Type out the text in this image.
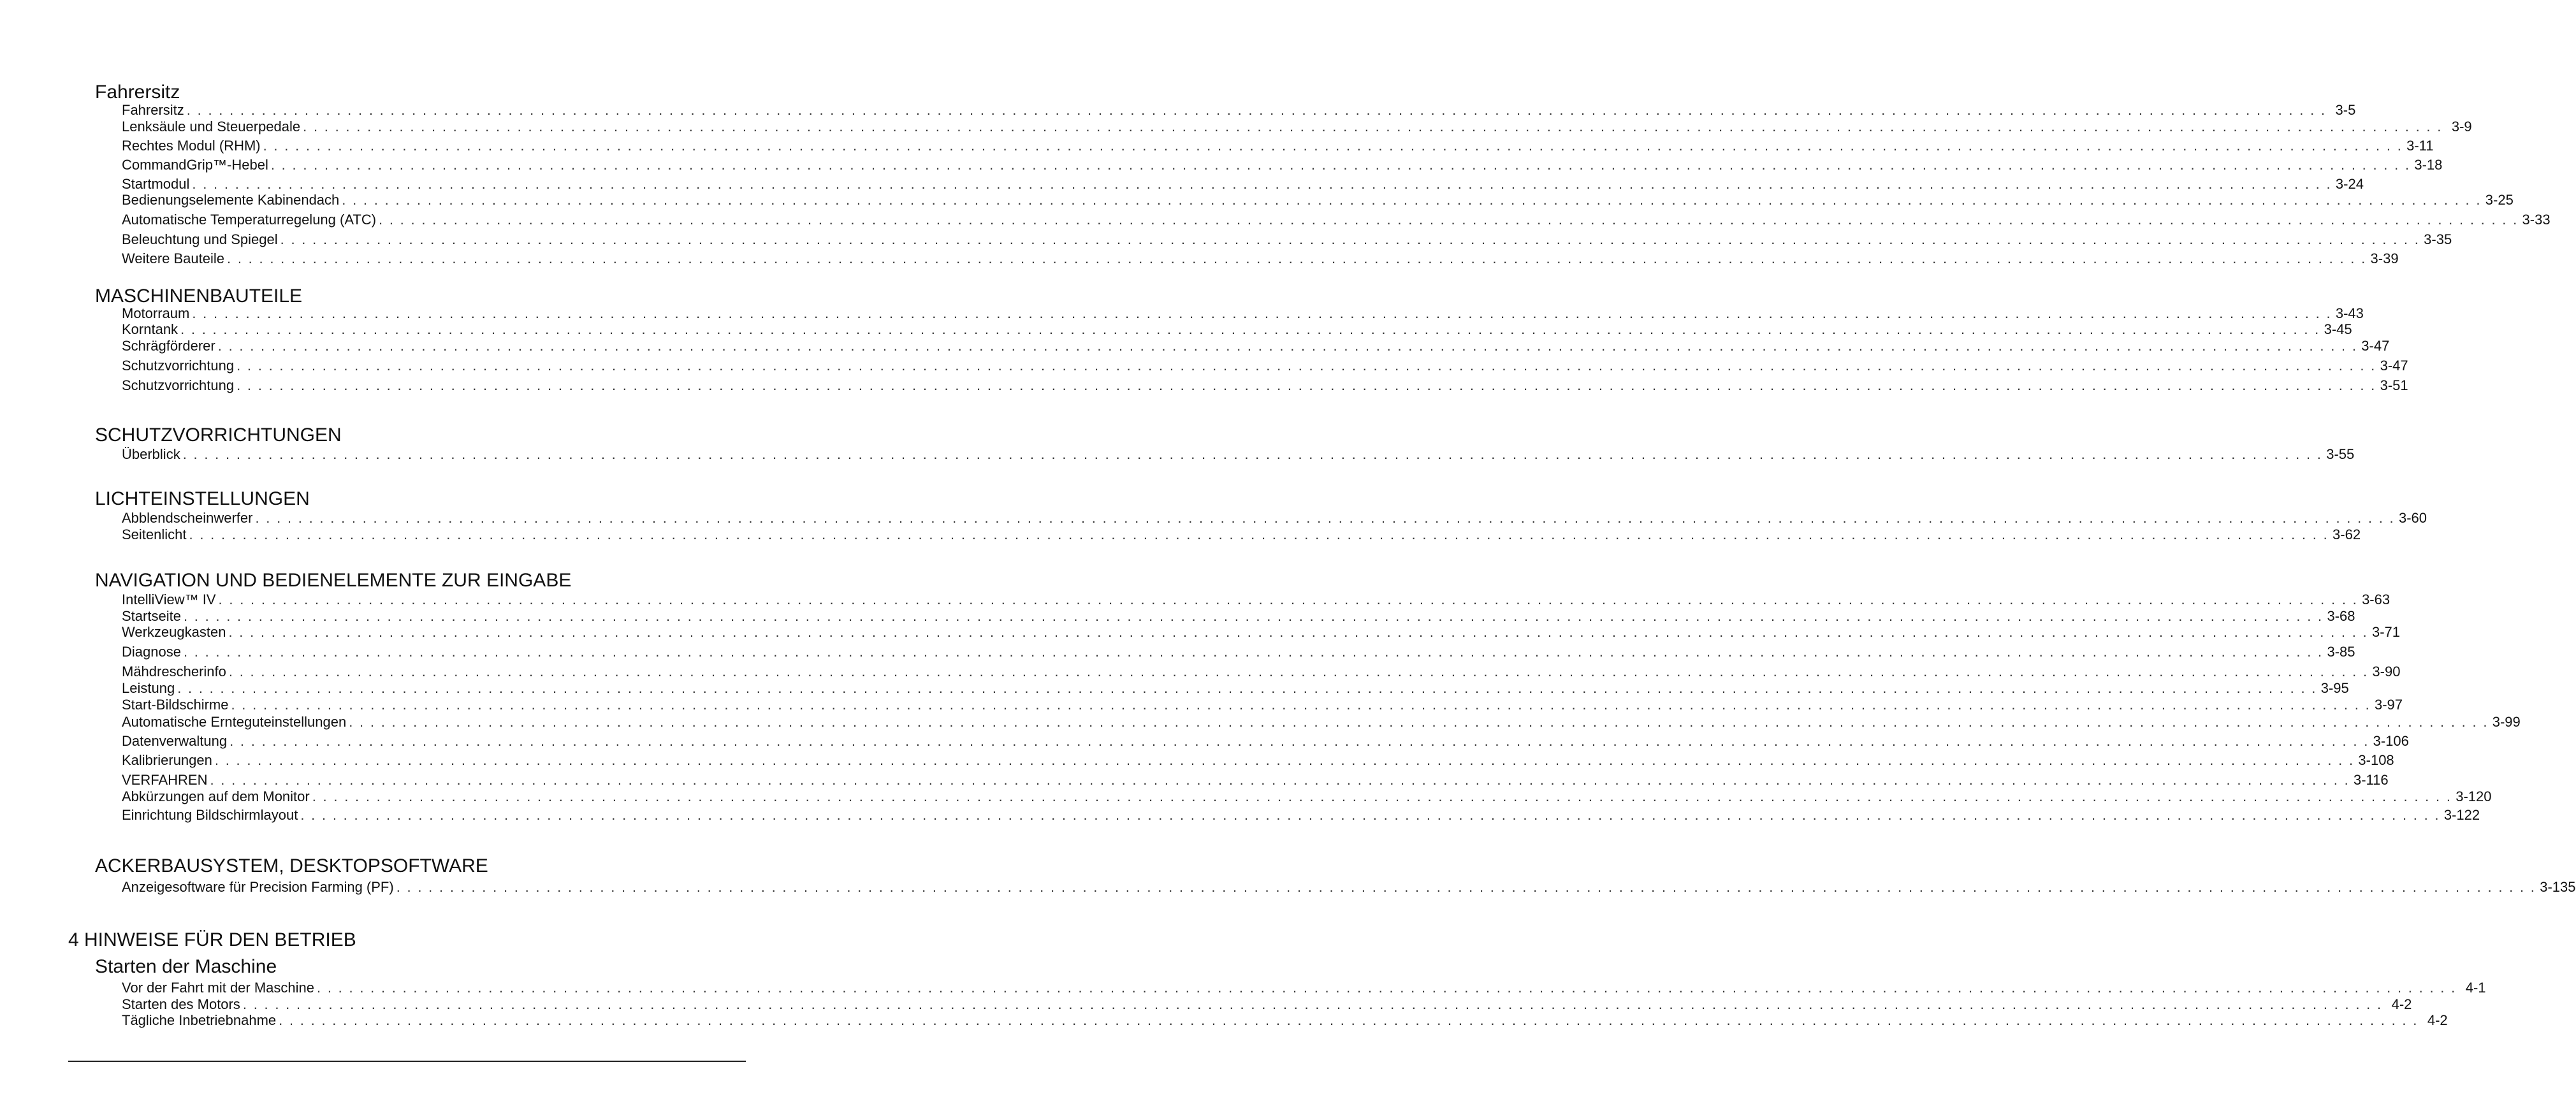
Fahrersitz
Fahrersitz . . . . . . . . . . . . . . . . . . . . . . . . . . . . . . . . . . . . . . . . . . . . . . . . . . . . . . . . . . . . . . . . . . . . . . . . . . . . . . . . . . . . . . . . . . . . . . . . . . . . . . . . . . . . . . . . . . . . . . . . . . . . . . . . . . . . . . . . . . . . . . . . . . . . . . . . . . . . . . . . . . . . . . . . . . . . . . . . . . . . . . . . . . . . . . . . . . . . . . . . 3-5
Lenksäule und Steuerpedale . . . . . . . . . . . . . . . . . . . . . . . . . . . . . . . . . . . . . . . . . . . . . . . . . . . . . . . . . . . . . . . . . . . . . . . . . . . . . . . . . . . . . . . . . . . . . . . . . . . . . . . . . . . . . . . . . . . . . . . . . . . . . . . . . . . . . . . . . . . . . . . . . . . . . . . . . . . . . . . . . . . . . . . . . . . . . . . . . . . . . . . . . . . . . . . . . . . . . . . . 3-9
Rechtes Modul (RHM) . . . . . . . . . . . . . . . . . . . . . . . . . . . . . . . . . . . . . . . . . . . . . . . . . . . . . . . . . . . . . . . . . . . . . . . . . . . . . . . . . . . . . . . . . . . . . . . . . . . . . . . . . . . . . . . . . . . . . . . . . . . . . . . . . . . . . . . . . . . . . . . . . . . . . . . . . . . . . . . . . . . . . . . . . . . . . . . . . . . . . . . . . . . . . . . . . . . . . . . . 3-11
CommandGrip™-Hebel . . . . . . . . . . . . . . . . . . . . . . . . . . . . . . . . . . . . . . . . . . . . . . . . . . . . . . . . . . . . . . . . . . . . . . . . . . . . . . . . . . . . . . . . . . . . . . . . . . . . . . . . . . . . . . . . . . . . . . . . . . . . . . . . . . . . . . . . . . . . . . . . . . . . . . . . . . . . . . . . . . . . . . . . . . . . . . . . . . . . . . . . . . . . . . . . . . . . . . . . 3-18
Startmodul . . . . . . . . . . . . . . . . . . . . . . . . . . . . . . . . . . . . . . . . . . . . . . . . . . . . . . . . . . . . . . . . . . . . . . . . . . . . . . . . . . . . . . . . . . . . . . . . . . . . . . . . . . . . . . . . . . . . . . . . . . . . . . . . . . . . . . . . . . . . . . . . . . . . . . . . . . . . . . . . . . . . . . . . . . . . . . . . . . . . . . . . . . . . . . . . . . . . . . . . 3-24
Bedienungselemente Kabinendach . . . . . . . . . . . . . . . . . . . . . . . . . . . . . . . . . . . . . . . . . . . . . . . . . . . . . . . . . . . . . . . . . . . . . . . . . . . . . . . . . . . . . . . . . . . . . . . . . . . . . . . . . . . . . . . . . . . . . . . . . . . . . . . . . . . . . . . . . . . . . . . . . . . . . . . . . . . . . . . . . . . . . . . . . . . . . . . . . . . . . . . . . . . . . . . . . . . . . . . . 3-25
Automatische Temperaturregelung (ATC) . . . . . . . . . . . . . . . . . . . . . . . . . . . . . . . . . . . . . . . . . . . . . . . . . . . . . . . . . . . . . . . . . . . . . . . . . . . . . . . . . . . . . . . . . . . . . . . . . . . . . . . . . . . . . . . . . . . . . . . . . . . . . . . . . . . . . . . . . . . . . . . . . . . . . . . . . . . . . . . . . . . . . . . . . . . . . . . . . . . . . . . . . . . . . . . . . . . . . . . . 3-33
Beleuchtung und Spiegel . . . . . . . . . . . . . . . . . . . . . . . . . . . . . . . . . . . . . . . . . . . . . . . . . . . . . . . . . . . . . . . . . . . . . . . . . . . . . . . . . . . . . . . . . . . . . . . . . . . . . . . . . . . . . . . . . . . . . . . . . . . . . . . . . . . . . . . . . . . . . . . . . . . . . . . . . . . . . . . . . . . . . . . . . . . . . . . . . . . . . . . . . . . . . . . . . . . . . . . . 3-35
Weitere Bauteile . . . . . . . . . . . . . . . . . . . . . . . . . . . . . . . . . . . . . . . . . . . . . . . . . . . . . . . . . . . . . . . . . . . . . . . . . . . . . . . . . . . . . . . . . . . . . . . . . . . . . . . . . . . . . . . . . . . . . . . . . . . . . . . . . . . . . . . . . . . . . . . . . . . . . . . . . . . . . . . . . . . . . . . . . . . . . . . . . . . . . . . . . . . . . . . . . . . . . . . . 3-39
MASCHINENBAUTEILE
Motorraum . . . . . . . . . . . . . . . . . . . . . . . . . . . . . . . . . . . . . . . . . . . . . . . . . . . . . . . . . . . . . . . . . . . . . . . . . . . . . . . . . . . . . . . . . . . . . . . . . . . . . . . . . . . . . . . . . . . . . . . . . . . . . . . . . . . . . . . . . . . . . . . . . . . . . . . . . . . . . . . . . . . . . . . . . . . . . . . . . . . . . . . . . . . . . . . . . . . . . . . . 3-43
Korntank . . . . . . . . . . . . . . . . . . . . . . . . . . . . . . . . . . . . . . . . . . . . . . . . . . . . . . . . . . . . . . . . . . . . . . . . . . . . . . . . . . . . . . . . . . . . . . . . . . . . . . . . . . . . . . . . . . . . . . . . . . . . . . . . . . . . . . . . . . . . . . . . . . . . . . . . . . . . . . . . . . . . . . . . . . . . . . . . . . . . . . . . . . . . . . . . . . . . . . . . 3-45
Schrägförderer . . . . . . . . . . . . . . . . . . . . . . . . . . . . . . . . . . . . . . . . . . . . . . . . . . . . . . . . . . . . . . . . . . . . . . . . . . . . . . . . . . . . . . . . . . . . . . . . . . . . . . . . . . . . . . . . . . . . . . . . . . . . . . . . . . . . . . . . . . . . . . . . . . . . . . . . . . . . . . . . . . . . . . . . . . . . . . . . . . . . . . . . . . . . . . . . . . . . . . . . 3-47
Schutzvorrichtung . . . . . . . . . . . . . . . . . . . . . . . . . . . . . . . . . . . . . . . . . . . . . . . . . . . . . . . . . . . . . . . . . . . . . . . . . . . . . . . . . . . . . . . . . . . . . . . . . . . . . . . . . . . . . . . . . . . . . . . . . . . . . . . . . . . . . . . . . . . . . . . . . . . . . . . . . . . . . . . . . . . . . . . . . . . . . . . . . . . . . . . . . . . . . . . . . . . . . . . . 3-47
Schutzvorrichtung . . . . . . . . . . . . . . . . . . . . . . . . . . . . . . . . . . . . . . . . . . . . . . . . . . . . . . . . . . . . . . . . . . . . . . . . . . . . . . . . . . . . . . . . . . . . . . . . . . . . . . . . . . . . . . . . . . . . . . . . . . . . . . . . . . . . . . . . . . . . . . . . . . . . . . . . . . . . . . . . . . . . . . . . . . . . . . . . . . . . . . . . . . . . . . . . . . . . . . . . 3-51
SCHUTZVORRICHTUNGEN
Überblick . . . . . . . . . . . . . . . . . . . . . . . . . . . . . . . . . . . . . . . . . . . . . . . . . . . . . . . . . . . . . . . . . . . . . . . . . . . . . . . . . . . . . . . . . . . . . . . . . . . . . . . . . . . . . . . . . . . . . . . . . . . . . . . . . . . . . . . . . . . . . . . . . . . . . . . . . . . . . . . . . . . . . . . . . . . . . . . . . . . . . . . . . . . . . . . . . . . . . . . . 3-55
LICHTEINSTELLUNGEN
Abblendscheinwerfer . . . . . . . . . . . . . . . . . . . . . . . . . . . . . . . . . . . . . . . . . . . . . . . . . . . . . . . . . . . . . . . . . . . . . . . . . . . . . . . . . . . . . . . . . . . . . . . . . . . . . . . . . . . . . . . . . . . . . . . . . . . . . . . . . . . . . . . . . . . . . . . . . . . . . . . . . . . . . . . . . . . . . . . . . . . . . . . . . . . . . . . . . . . . . . . . . . . . . . . . 3-60
Seitenlicht . . . . . . . . . . . . . . . . . . . . . . . . . . . . . . . . . . . . . . . . . . . . . . . . . . . . . . . . . . . . . . . . . . . . . . . . . . . . . . . . . . . . . . . . . . . . . . . . . . . . . . . . . . . . . . . . . . . . . . . . . . . . . . . . . . . . . . . . . . . . . . . . . . . . . . . . . . . . . . . . . . . . . . . . . . . . . . . . . . . . . . . . . . . . . . . . . . . . . . . . 3-62
NAVIGATION UND BEDIENELEMENTE ZUR EINGABE
IntelliView™ IV . . . . . . . . . . . . . . . . . . . . . . . . . . . . . . . . . . . . . . . . . . . . . . . . . . . . . . . . . . . . . . . . . . . . . . . . . . . . . . . . . . . . . . . . . . . . . . . . . . . . . . . . . . . . . . . . . . . . . . . . . . . . . . . . . . . . . . . . . . . . . . . . . . . . . . . . . . . . . . . . . . . . . . . . . . . . . . . . . . . . . . . . . . . . . . . . . . . . . . . . 3-63
Startseite . . . . . . . . . . . . . . . . . . . . . . . . . . . . . . . . . . . . . . . . . . . . . . . . . . . . . . . . . . . . . . . . . . . . . . . . . . . . . . . . . . . . . . . . . . . . . . . . . . . . . . . . . . . . . . . . . . . . . . . . . . . . . . . . . . . . . . . . . . . . . . . . . . . . . . . . . . . . . . . . . . . . . . . . . . . . . . . . . . . . . . . . . . . . . . . . . . . . . . . . 3-68
Werkzeugkasten . . . . . . . . . . . . . . . . . . . . . . . . . . . . . . . . . . . . . . . . . . . . . . . . . . . . . . . . . . . . . . . . . . . . . . . . . . . . . . . . . . . . . . . . . . . . . . . . . . . . . . . . . . . . . . . . . . . . . . . . . . . . . . . . . . . . . . . . . . . . . . . . . . . . . . . . . . . . . . . . . . . . . . . . . . . . . . . . . . . . . . . . . . . . . . . . . . . . . . . . 3-71
Diagnose . . . . . . . . . . . . . . . . . . . . . . . . . . . . . . . . . . . . . . . . . . . . . . . . . . . . . . . . . . . . . . . . . . . . . . . . . . . . . . . . . . . . . . . . . . . . . . . . . . . . . . . . . . . . . . . . . . . . . . . . . . . . . . . . . . . . . . . . . . . . . . . . . . . . . . . . . . . . . . . . . . . . . . . . . . . . . . . . . . . . . . . . . . . . . . . . . . . . . . . . 3-85
Mähdrescherinfo . . . . . . . . . . . . . . . . . . . . . . . . . . . . . . . . . . . . . . . . . . . . . . . . . . . . . . . . . . . . . . . . . . . . . . . . . . . . . . . . . . . . . . . . . . . . . . . . . . . . . . . . . . . . . . . . . . . . . . . . . . . . . . . . . . . . . . . . . . . . . . . . . . . . . . . . . . . . . . . . . . . . . . . . . . . . . . . . . . . . . . . . . . . . . . . . . . . . . . . . 3-90
Leistung . . . . . . . . . . . . . . . . . . . . . . . . . . . . . . . . . . . . . . . . . . . . . . . . . . . . . . . . . . . . . . . . . . . . . . . . . . . . . . . . . . . . . . . . . . . . . . . . . . . . . . . . . . . . . . . . . . . . . . . . . . . . . . . . . . . . . . . . . . . . . . . . . . . . . . . . . . . . . . . . . . . . . . . . . . . . . . . . . . . . . . . . . . . . . . . . . . . . . . . . 3-95
Start-Bildschirme . . . . . . . . . . . . . . . . . . . . . . . . . . . . . . . . . . . . . . . . . . . . . . . . . . . . . . . . . . . . . . . . . . . . . . . . . . . . . . . . . . . . . . . . . . . . . . . . . . . . . . . . . . . . . . . . . . . . . . . . . . . . . . . . . . . . . . . . . . . . . . . . . . . . . . . . . . . . . . . . . . . . . . . . . . . . . . . . . . . . . . . . . . . . . . . . . . . . . . . . 3-97
Automatische Ernteguteinstellungen . . . . . . . . . . . . . . . . . . . . . . . . . . . . . . . . . . . . . . . . . . . . . . . . . . . . . . . . . . . . . . . . . . . . . . . . . . . . . . . . . . . . . . . . . . . . . . . . . . . . . . . . . . . . . . . . . . . . . . . . . . . . . . . . . . . . . . . . . . . . . . . . . . . . . . . . . . . . . . . . . . . . . . . . . . . . . . . . . . . . . . . . . . . . . . . . . . . . . . . . 3-99
Datenverwaltung . . . . . . . . . . . . . . . . . . . . . . . . . . . . . . . . . . . . . . . . . . . . . . . . . . . . . . . . . . . . . . . . . . . . . . . . . . . . . . . . . . . . . . . . . . . . . . . . . . . . . . . . . . . . . . . . . . . . . . . . . . . . . . . . . . . . . . . . . . . . . . . . . . . . . . . . . . . . . . . . . . . . . . . . . . . . . . . . . . . . . . . . . . . . . . . . . . . . . . . . 3-106
Kalibrierungen . . . . . . . . . . . . . . . . . . . . . . . . . . . . . . . . . . . . . . . . . . . . . . . . . . . . . . . . . . . . . . . . . . . . . . . . . . . . . . . . . . . . . . . . . . . . . . . . . . . . . . . . . . . . . . . . . . . . . . . . . . . . . . . . . . . . . . . . . . . . . . . . . . . . . . . . . . . . . . . . . . . . . . . . . . . . . . . . . . . . . . . . . . . . . . . . . . . . . . . . 3-108
VERFAHREN . . . . . . . . . . . . . . . . . . . . . . . . . . . . . . . . . . . . . . . . . . . . . . . . . . . . . . . . . . . . . . . . . . . . . . . . . . . . . . . . . . . . . . . . . . . . . . . . . . . . . . . . . . . . . . . . . . . . . . . . . . . . . . . . . . . . . . . . . . . . . . . . . . . . . . . . . . . . . . . . . . . . . . . . . . . . . . . . . . . . . . . . . . . . . . . . . . . . . . . . 3-116
Abkürzungen auf dem Monitor . . . . . . . . . . . . . . . . . . . . . . . . . . . . . . . . . . . . . . . . . . . . . . . . . . . . . . . . . . . . . . . . . . . . . . . . . . . . . . . . . . . . . . . . . . . . . . . . . . . . . . . . . . . . . . . . . . . . . . . . . . . . . . . . . . . . . . . . . . . . . . . . . . . . . . . . . . . . . . . . . . . . . . . . . . . . . . . . . . . . . . . . . . . . . . . . . . . . . . . . 3-120
Einrichtung Bildschirmlayout . . . . . . . . . . . . . . . . . . . . . . . . . . . . . . . . . . . . . . . . . . . . . . . . . . . . . . . . . . . . . . . . . . . . . . . . . . . . . . . . . . . . . . . . . . . . . . . . . . . . . . . . . . . . . . . . . . . . . . . . . . . . . . . . . . . . . . . . . . . . . . . . . . . . . . . . . . . . . . . . . . . . . . . . . . . . . . . . . . . . . . . . . . . . . . . . . . . . . . . . 3-122
ACKERBAUSYSTEM, DESKTOPSOFTWARE
Anzeigesoftware für Precision Farming (PF) . . . . . . . . . . . . . . . . . . . . . . . . . . . . . . . . . . . . . . . . . . . . . . . . . . . . . . . . . . . . . . . . . . . . . . . . . . . . . . . . . . . . . . . . . . . . . . . . . . . . . . . . . . . . . . . . . . . . . . . . . . . . . . . . . . . . . . . . . . . . . . . . . . . . . . . . . . . . . . . . . . . . . . . . . . . . . . . . . . . . . . . . . . . . . . . . . . . . . . . . 3-135
4 HINWEISE FÜR DEN BETRIEB
Starten der Maschine
Vor der Fahrt mit der Maschine . . . . . . . . . . . . . . . . . . . . . . . . . . . . . . . . . . . . . . . . . . . . . . . . . . . . . . . . . . . . . . . . . . . . . . . . . . . . . . . . . . . . . . . . . . . . . . . . . . . . . . . . . . . . . . . . . . . . . . . . . . . . . . . . . . . . . . . . . . . . . . . . . . . . . . . . . . . . . . . . . . . . . . . . . . . . . . . . . . . . . . . . . . . . . . . . . . . . . . . . 4-1
Starten des Motors . . . . . . . . . . . . . . . . . . . . . . . . . . . . . . . . . . . . . . . . . . . . . . . . . . . . . . . . . . . . . . . . . . . . . . . . . . . . . . . . . . . . . . . . . . . . . . . . . . . . . . . . . . . . . . . . . . . . . . . . . . . . . . . . . . . . . . . . . . . . . . . . . . . . . . . . . . . . . . . . . . . . . . . . . . . . . . . . . . . . . . . . . . . . . . . . . . . . . . . . 4-2
Tägliche Inbetriebnahme . . . . . . . . . . . . . . . . . . . . . . . . . . . . . . . . . . . . . . . . . . . . . . . . . . . . . . . . . . . . . . . . . . . . . . . . . . . . . . . . . . . . . . . . . . . . . . . . . . . . . . . . . . . . . . . . . . . . . . . . . . . . . . . . . . . . . . . . . . . . . . . . . . . . . . . . . . . . . . . . . . . . . . . . . . . . . . . . . . . . . . . . . . . . . . . . . . . . . . . . 4-2
